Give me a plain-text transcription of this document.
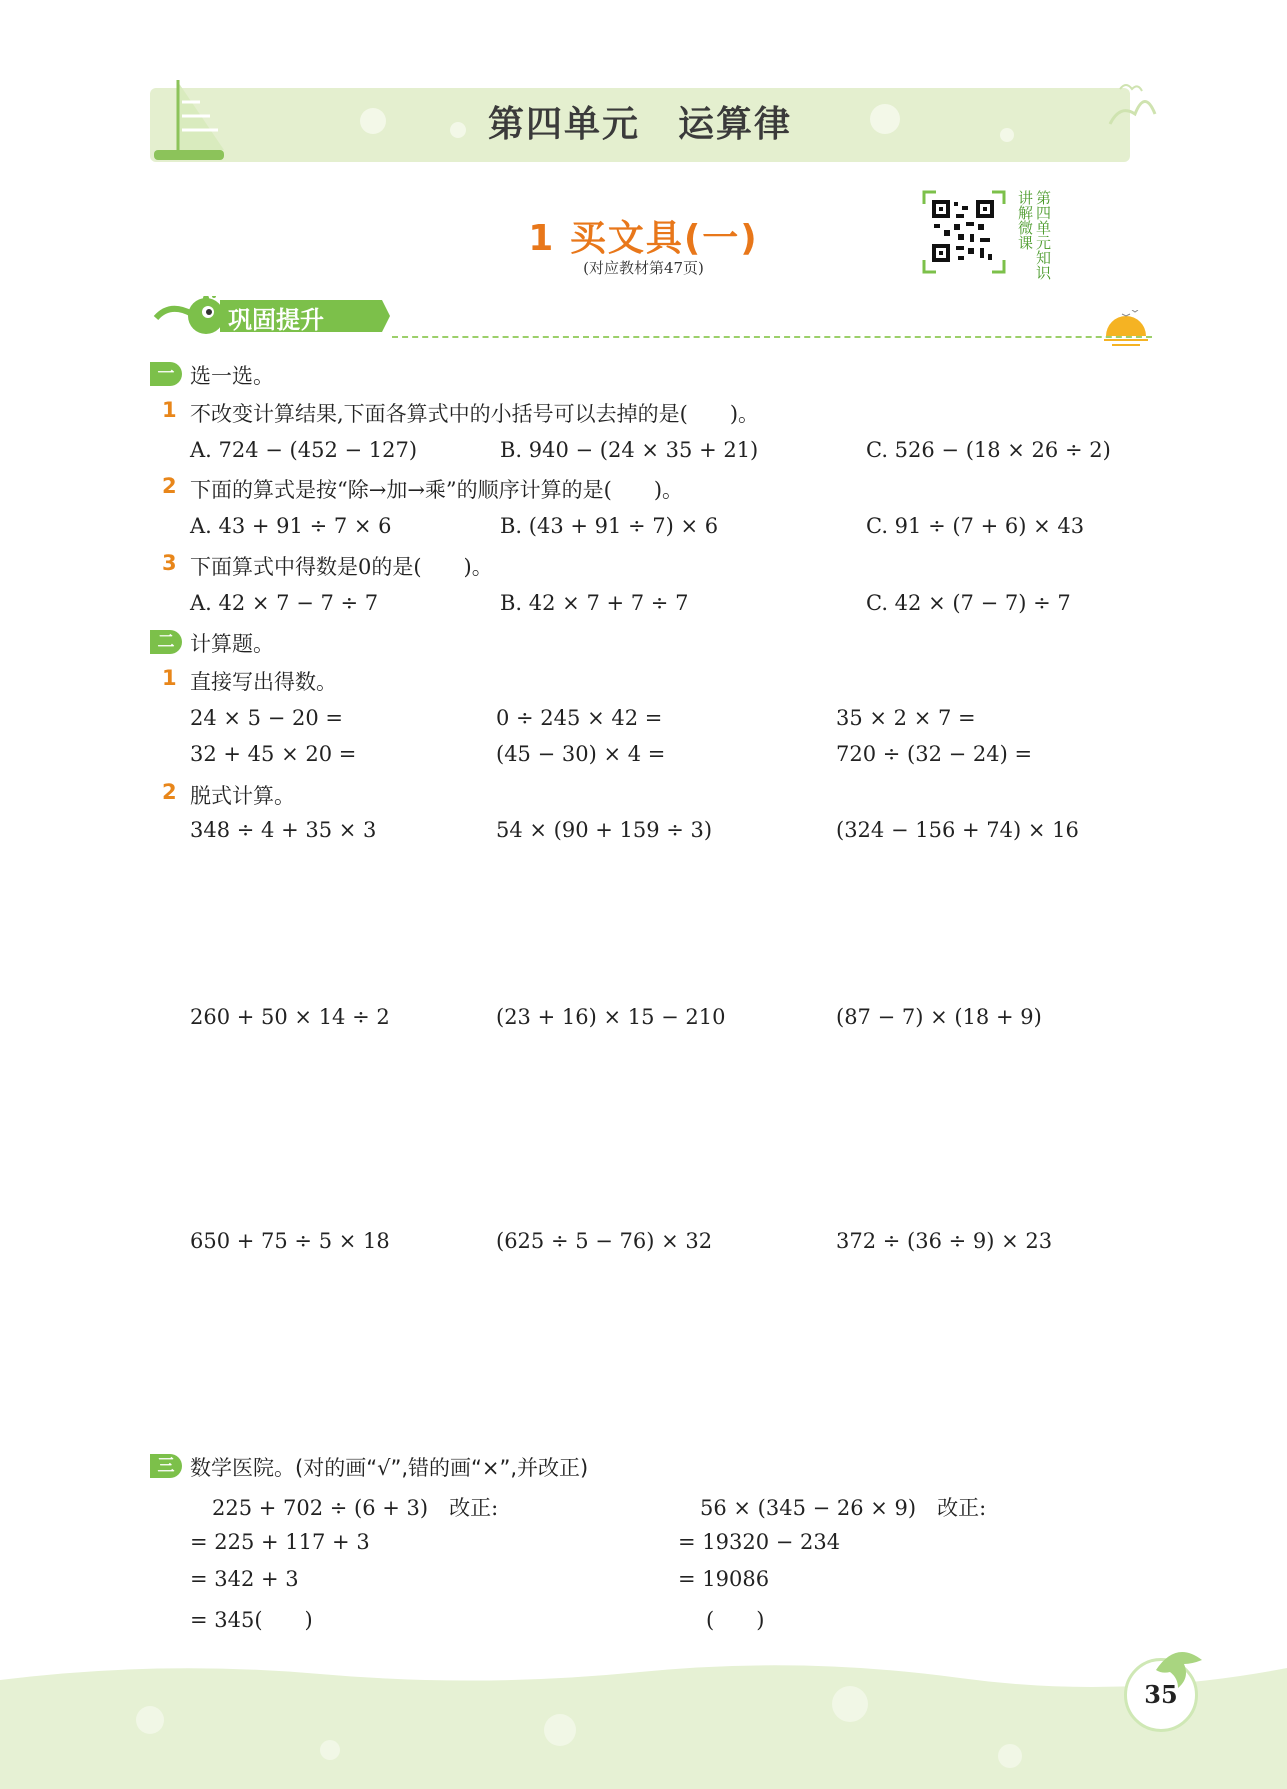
第四单元　运算律
1 买文具(一)
(对应教材第47页)	第四单元知识讲解微课
巩固提升
一 选一选。
1 不改变计算结果,下面各算式中的小括号可以去掉的是(　　)。
A. 724 − (452 − 127)	B. 940 − (24 × 35 + 21)	C. 526 − (18 × 26 ÷ 2)
2 下面的算式是按“除→加→乘”的顺序计算的是(　　)。
A. 43 + 91 ÷ 7 × 6	B. (43 + 91 ÷ 7) × 6	C. 91 ÷ (7 + 6) × 43
3 下面算式中得数是0的是(　　)。
A. 42 × 7 − 7 ÷ 7	B. 42 × 7 + 7 ÷ 7	C. 42 × (7 − 7) ÷ 7
二 计算题。
1 直接写出得数。
24 × 5 − 20 =	0 ÷ 245 × 42 =	35 × 2 × 7 =
32 + 45 × 20 =	(45 − 30) × 4 =	720 ÷ (32 − 24) =
2 脱式计算。
348 ÷ 4 + 35 × 3	54 × (90 + 159 ÷ 3)	(324 − 156 + 74) × 16
260 + 50 × 14 ÷ 2	(23 + 16) × 15 − 210	(87 − 7) × (18 + 9)
650 + 75 ÷ 5 × 18	(625 ÷ 5 − 76) × 32	372 ÷ (36 ÷ 9) × 23
三 数学医院。(对的画“√”,错的画“×”,并改正)
225 + 702 ÷ (6 + 3)　改正:
= 225 + 117 + 3
= 342 + 3
= 345(　　)
56 × (345 − 26 × 9)　改正:
= 19320 − 234
= 19086
(　　)
35
